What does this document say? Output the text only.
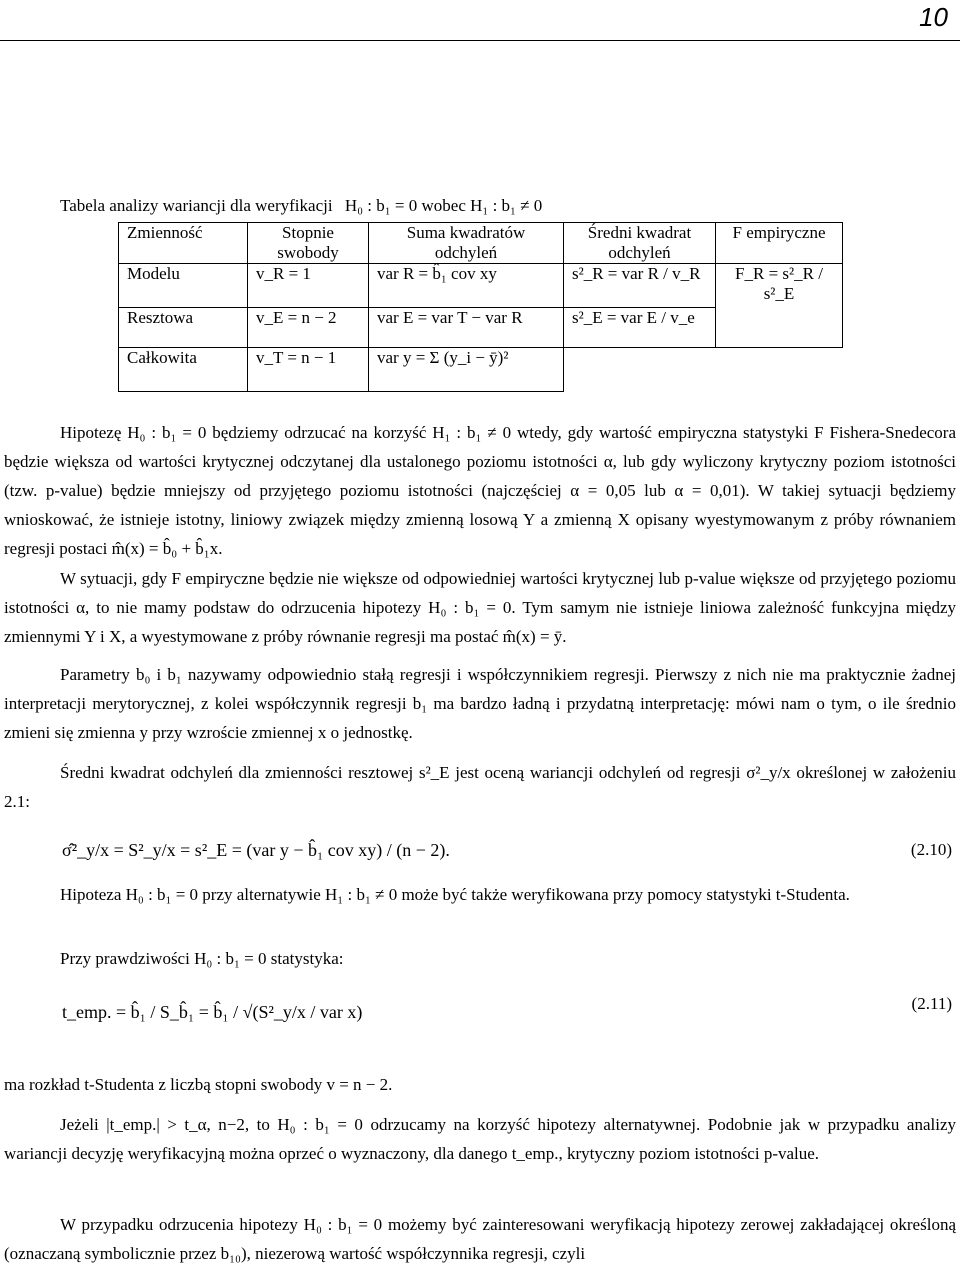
10
Tabela analizy wariancji dla weryfikacji H₀ : b₁ = 0 wobec H₁ : b₁ ≠ 0
Zmienność	Stopnie swobody	Suma kwadratów odchyleń	Średni kwadrat odchyleń	F empiryczne
Modelu	v_R = 1	var R = b̂₁ cov xy	s²_R = var R / v_R	F_R = s²_R / s²_E
Resztowa	v_E = n − 2	var E = var T − var R	s²_E = var E / v_e	
Całkowita	v_T = n − 1	var y = Σ (y_i − ȳ)²		
Hipotezę H₀ : b₁ = 0 będziemy odrzucać na korzyść H₁ : b₁ ≠ 0 wtedy, gdy wartość empiryczna statystyki F Fishera-Snedecora będzie większa od wartości krytycznej odczytanej dla ustalonego poziomu istotności α, lub gdy wyliczony krytyczny poziom istotności (tzw. p-value) będzie mniejszy od przyjętego poziomu istotności (najczęściej α = 0,05 lub α = 0,01). W takiej sytuacji będziemy wnioskować, że istnieje istotny, liniowy związek między zmienną losową Y a zmienną X opisany wyestymowanym z próby równaniem regresji postaci m̂(x) = b̂₀ + b̂₁x.
W sytuacji, gdy F empiryczne będzie nie większe od odpowiedniej wartości krytycznej lub p-value większe od przyjętego poziomu istotności α, to nie mamy podstaw do odrzucenia hipotezy H₀ : b₁ = 0. Tym samym nie istnieje liniowa zależność funkcyjna między zmiennymi Y i X, a wyestymowane z próby równanie regresji ma postać m̂(x) = ȳ.
Parametry b₀ i b₁ nazywamy odpowiednio stałą regresji i współczynnikiem regresji. Pierwszy z nich nie ma praktycznie żadnej interpretacji merytorycznej, z kolei współczynnik regresji b₁ ma bardzo ładną i przydatną interpretację: mówi nam o tym, o ile średnio zmieni się zmienna y przy wzroście zmiennej x o jednostkę.
Średni kwadrat odchyleń dla zmienności resztowej s²_E jest oceną wariancji odchyleń od regresji σ²_y/x określonej w założeniu 2.1:
σ̂²_y/x = S²_y/x = s²_E = (var y − b̂₁ cov xy) / (n − 2).	(2.10)
Hipoteza H₀ : b₁ = 0 przy alternatywie H₁ : b₁ ≠ 0 może być także weryfikowana przy pomocy statystyki t-Studenta.
Przy prawdziwości H₀ : b₁ = 0 statystyka:
t_emp. = b̂₁ / S_b̂₁ = b̂₁ / √(S²_y/x / var x)	(2.11)
ma rozkład t-Studenta z liczbą stopni swobody v = n − 2.
Jeżeli |t_emp.| > t_α, n−2, to H₀ : b₁ = 0 odrzucamy na korzyść hipotezy alternatywnej. Podobnie jak w przypadku analizy wariancji decyzję weryfikacyjną można oprzeć o wyznaczony, dla danego t_emp., krytyczny poziom istotności p-value.
W przypadku odrzucenia hipotezy H₀ : b₁ = 0 możemy być zainteresowani weryfikacją hipotezy zerowej zakładającej określoną (oznaczaną symbolicznie przez b₁₀), niezerową wartość współczynnika regresji, czyli
